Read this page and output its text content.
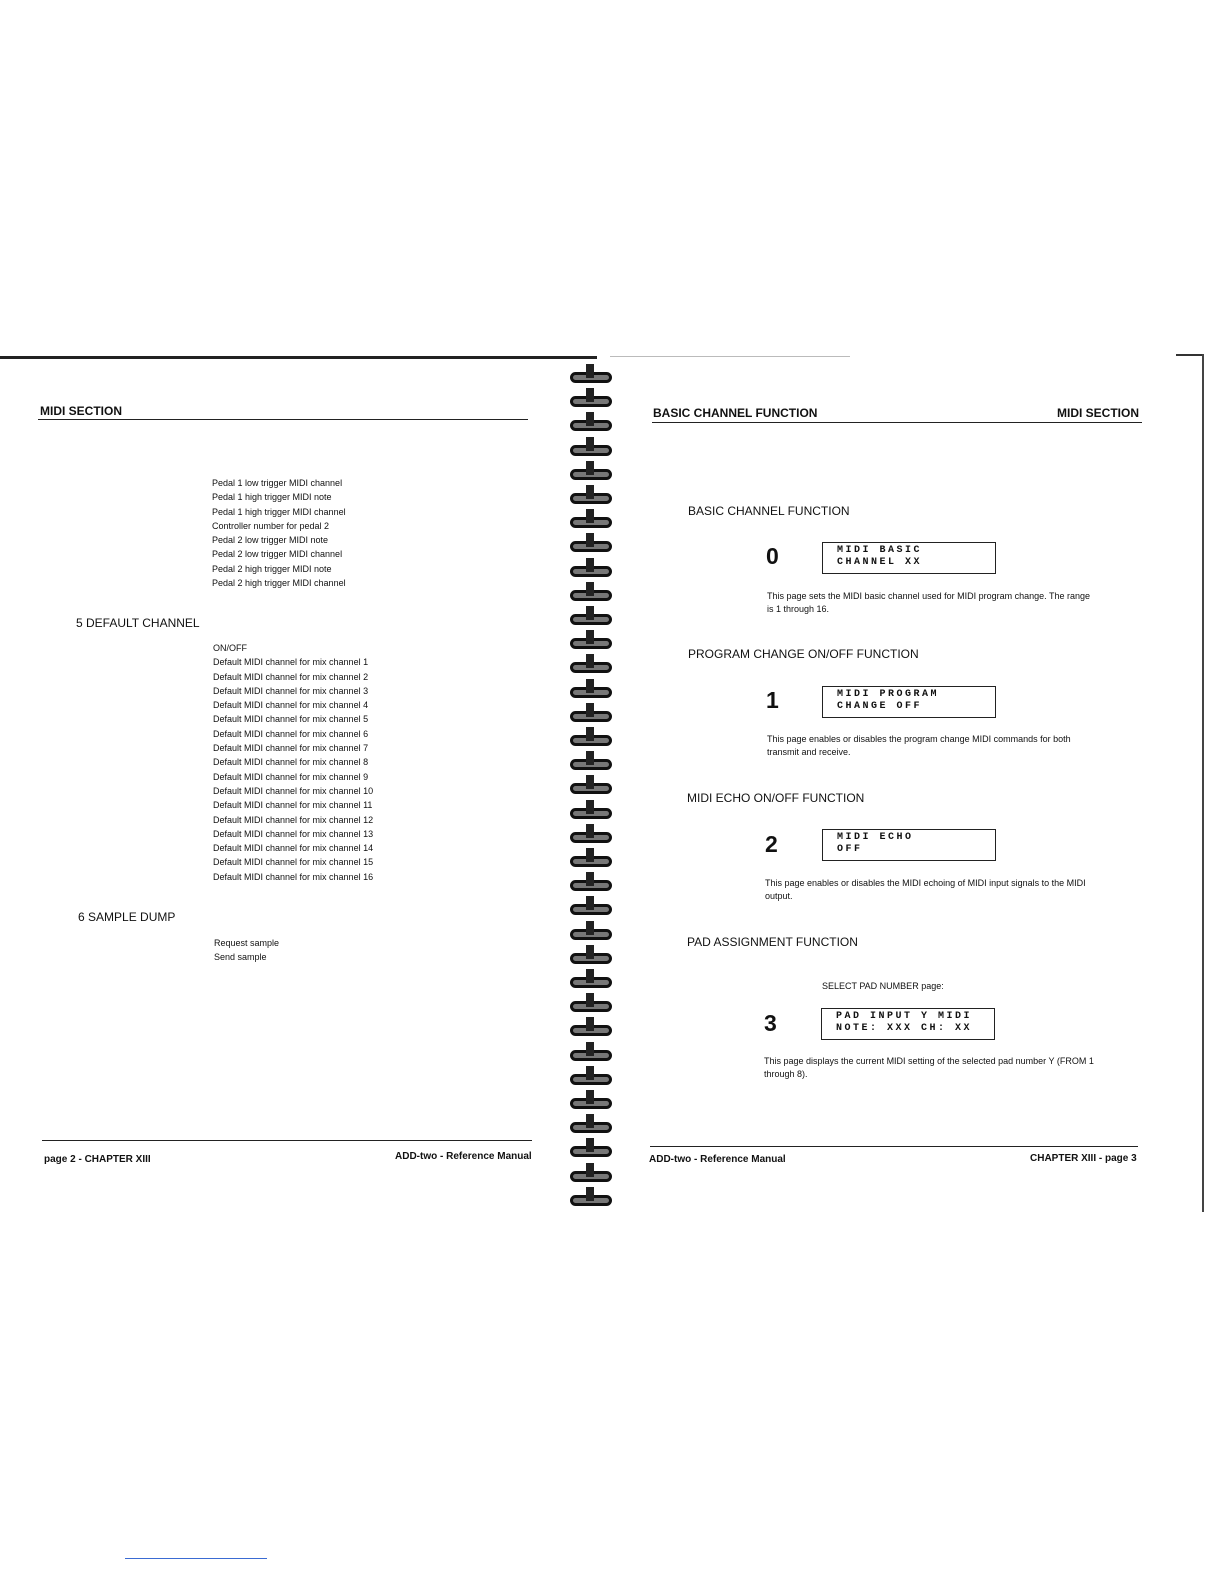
MIDI SECTION
Pedal 1 low trigger MIDI channel
Pedal 1 high trigger MIDI note
Pedal 1 high trigger MIDI channel
Controller number for pedal 2
Pedal 2 low trigger MIDI note
Pedal 2 low trigger MIDI channel
Pedal 2 high trigger MIDI note
Pedal 2 high trigger MIDI channel
5 DEFAULT CHANNEL
ON/OFF
Default MIDI channel for mix channel 1
Default MIDI channel for mix channel 2
Default MIDI channel for mix channel 3
Default MIDI channel for mix channel 4
Default MIDI channel for mix channel 5
Default MIDI channel for mix channel 6
Default MIDI channel for mix channel 7
Default MIDI channel for mix channel 8
Default MIDI channel for mix channel 9
Default MIDI channel for mix channel 10
Default MIDI channel for mix channel 11
Default MIDI channel for mix channel 12
Default MIDI channel for mix channel 13
Default MIDI channel for mix channel 14
Default MIDI channel for mix channel 15
Default MIDI channel for mix channel 16
6 SAMPLE DUMP
Request sample
Send sample
page 2 - CHAPTER XIII	ADD-two - Reference Manual
BASIC CHANNEL FUNCTION	MIDI SECTION
BASIC CHANNEL FUNCTION
0	MIDI BASIC
CHANNEL XX
This page sets the MIDI basic channel used for MIDI program change. The range is 1 through 16.
PROGRAM CHANGE ON/OFF FUNCTION
1	MIDI PROGRAM
CHANGE OFF
This page enables or disables the program change MIDI commands for both transmit and receive.
MIDI ECHO ON/OFF FUNCTION
2	MIDI ECHO
OFF
This page enables or disables the MIDI echoing of MIDI input signals to the MIDI output.
PAD ASSIGNMENT FUNCTION
SELECT PAD NUMBER page:
3	PAD INPUT Y MIDI
NOTE: XXX CH: XX
This page displays the current MIDI setting of the selected pad number Y (FROM 1 through 8).
ADD-two - Reference Manual	CHAPTER XIII - page 3
